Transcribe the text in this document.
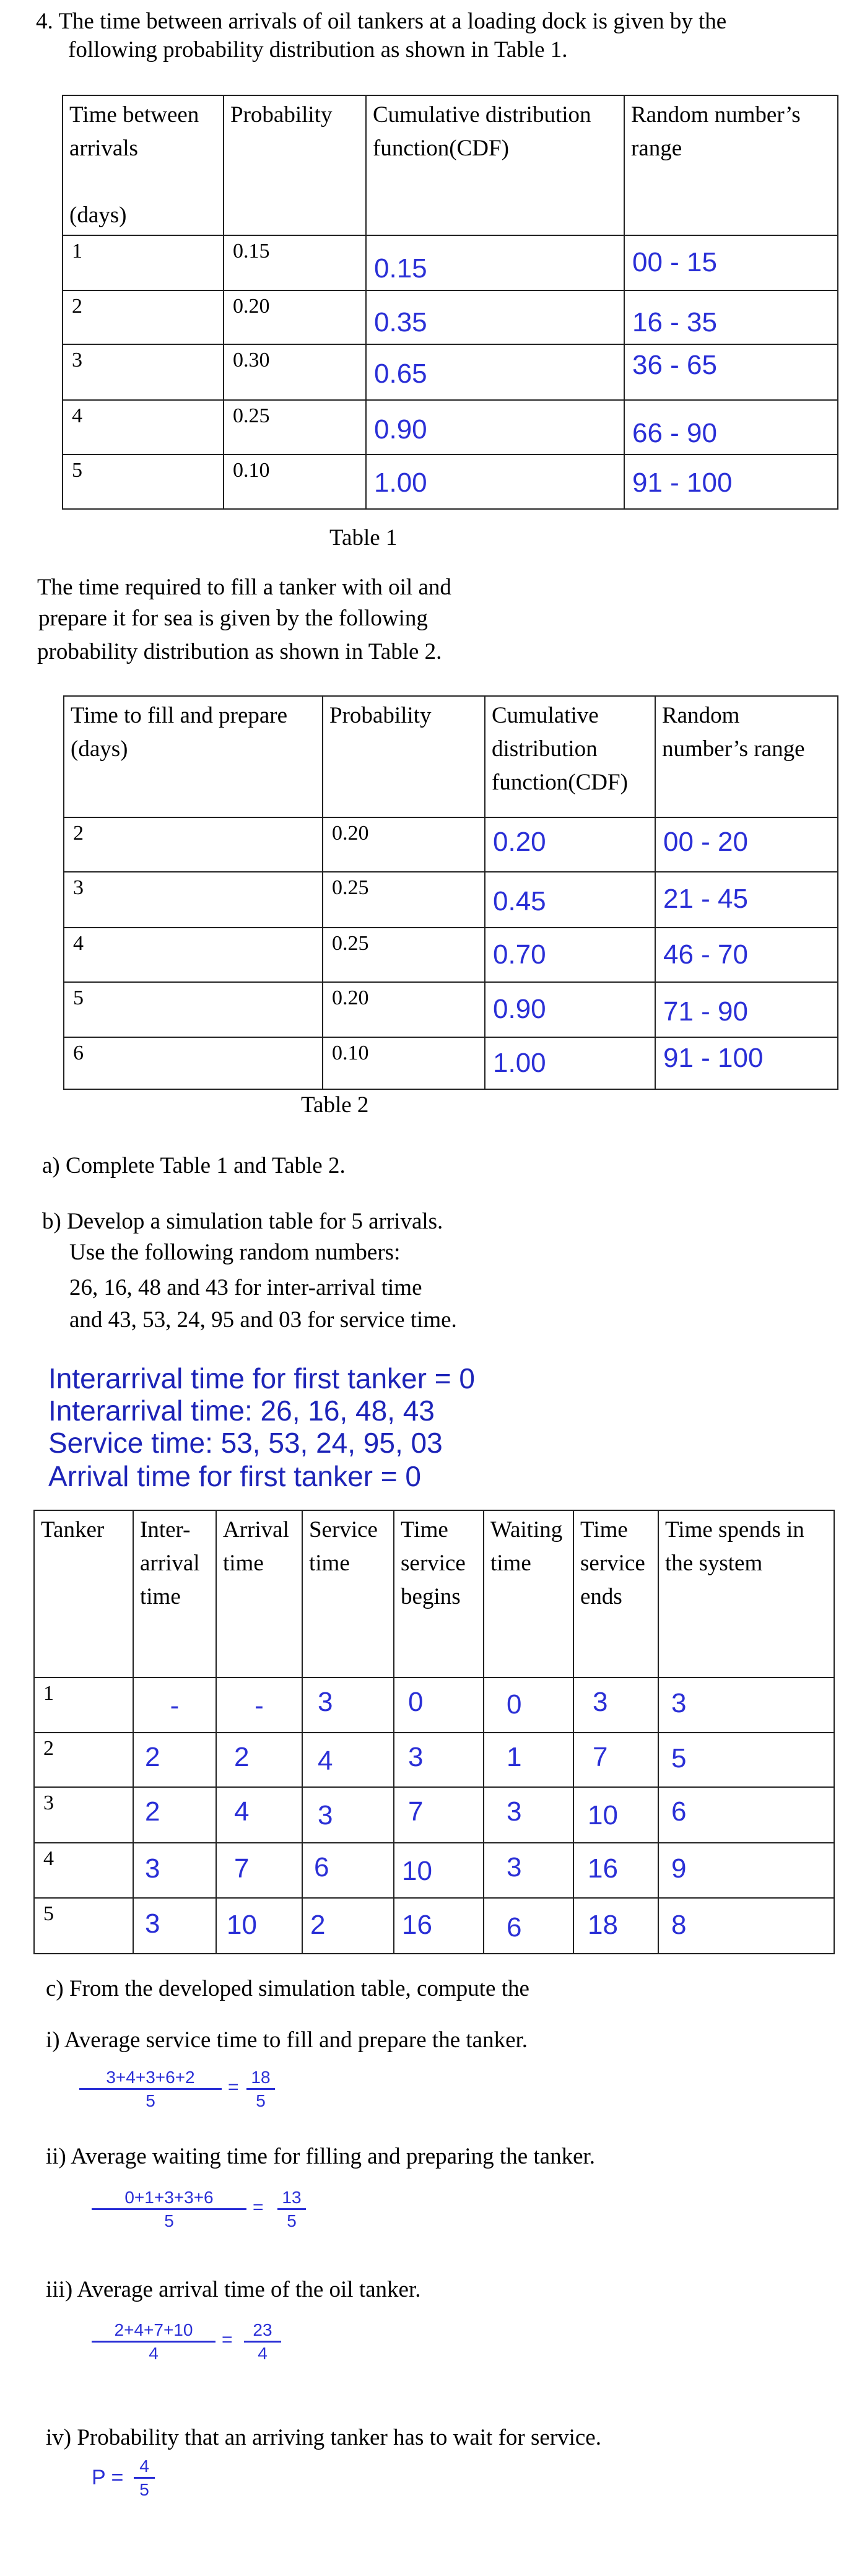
4. The time between arrivals of oil tankers at a loading dock is given by the
following probability distribution as shown in Table 1.
Time between arrivals

(days)	Probability	Cumulative distribution function(CDF)	Random number’s range
1	0.15	0.15	00 - 15
2	0.20	0.35	16 - 35
3	0.30	0.65	36 - 65
4	0.25	0.90	66 - 90
5	0.10	1.00	91 - 100
Table 1
The time required to fill a tanker with oil and
prepare it for sea is given by the following
probability distribution as shown in Table 2.
Time to fill and prepare (days)	Probability	Cumulative distribution function(CDF)	Random number’s range
2	0.20	0.20	00 - 20
3	0.25	0.45	21 - 45
4	0.25	0.70	46 - 70
5	0.20	0.90	71 - 90
6	0.10	1.00	91 - 100
Table 2
a) Complete Table 1 and Table 2.
b) Develop a simulation table for 5 arrivals.
Use the following random numbers:
26, 16, 48 and 43 for inter-arrival time
and 43, 53, 24, 95 and 03 for service time.
Interarrival time for first tanker = 0
Interarrival time: 26, 16, 48, 43
Service time: 53, 53, 24, 95, 03
Arrival time for first tanker = 0
Tanker	Inter-arrival time	Arrival time	Service time	Time service begins	Waiting time	Time service ends	Time spends in the system
1	-	-	3	0	0	3	3
2	2	2	4	3	1	7	5
3	2	4	3	7	3	10	6
4	3	7	6	10	3	16	9
5	3	10	2	16	6	18	8
c) From the developed simulation table, compute the
i) Average service time to fill and prepare the tanker.
3+4+3+6+2
5
= 18
5
ii) Average waiting time for filling and preparing the tanker.
0+1+3+3+6
5
= 13
5
iii) Average arrival time of the oil tanker.
2+4+7+10
4
=	23
4
iv) Probability that an arriving tanker has to wait for service.
P = 4
5
